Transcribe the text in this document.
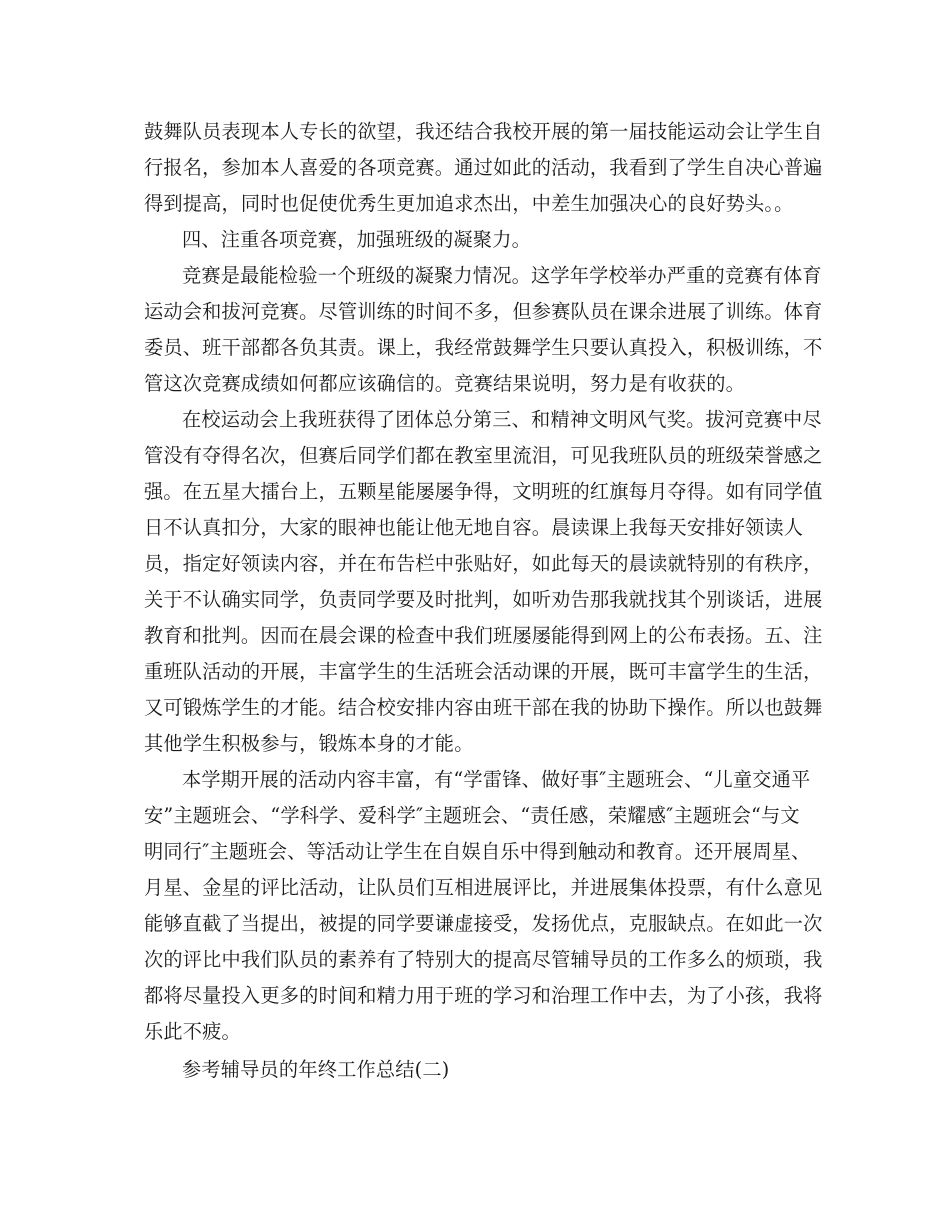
鼓舞队员表现本人专长的欲望，我还结合我校开展的第一届技能运动会让学生自
行报名，参加本人喜爱的各项竞赛。通过如此的活动，我看到了学生自决心普遍
得到提高，同时也促使优秀生更加追求杰出，中差生加强决心的良好势头。。
四、注重各项竞赛，加强班级的凝聚力。
竞赛是最能检验一个班级的凝聚力情况。这学年学校举办严重的竞赛有体育
运动会和拔河竞赛。尽管训练的时间不多，但参赛队员在课余进展了训练。体育
委员、班干部都各负其责。课上，我经常鼓舞学生只要认真投入，积极训练，不
管这次竞赛成绩如何都应该确信的。竞赛结果说明，努力是有收获的。
在校运动会上我班获得了团体总分第三、和精神文明风气奖。拔河竞赛中尽
管没有夺得名次，但赛后同学们都在教室里流泪，可见我班队员的班级荣誉感之
强。在五星大擂台上，五颗星能屡屡争得，文明班的红旗每月夺得。如有同学值
日不认真扣分，大家的眼神也能让他无地自容。晨读课上我每天安排好领读人
员，指定好领读内容，并在布告栏中张贴好，如此每天的晨读就特别的有秩序，
关于不认确实同学，负责同学要及时批判，如听劝告那我就找其个别谈话，进展
教育和批判。因而在晨会课的检查中我们班屡屡能得到网上的公布表扬。五、注
重班队活动的开展，丰富学生的生活班会活动课的开展，既可丰富学生的生活，
又可锻炼学生的才能。结合校安排内容由班干部在我的协助下操作。所以也鼓舞
其他学生积极参与，锻炼本身的才能。
本学期开展的活动内容丰富，有“学雷锋、做好事″主题班会、“儿童交通平
安”主题班会、“学科学、爱科学″主题班会、“责任感，荣耀感″主题班会“与文
明同行″主题班会、等活动让学生在自娱自乐中得到触动和教育。还开展周星、
月星、金星的评比活动，让队员们互相进展评比，并进展集体投票，有什么意见
能够直截了当提出，被提的同学要谦虚接受，发扬优点，克服缺点。在如此一次
次的评比中我们队员的素养有了特别大的提高尽管辅导员的工作多么的烦琐，我
都将尽量投入更多的时间和精力用于班的学习和治理工作中去，为了小孩，我将
乐此不疲。
参考辅导员的年终工作总结(二)
